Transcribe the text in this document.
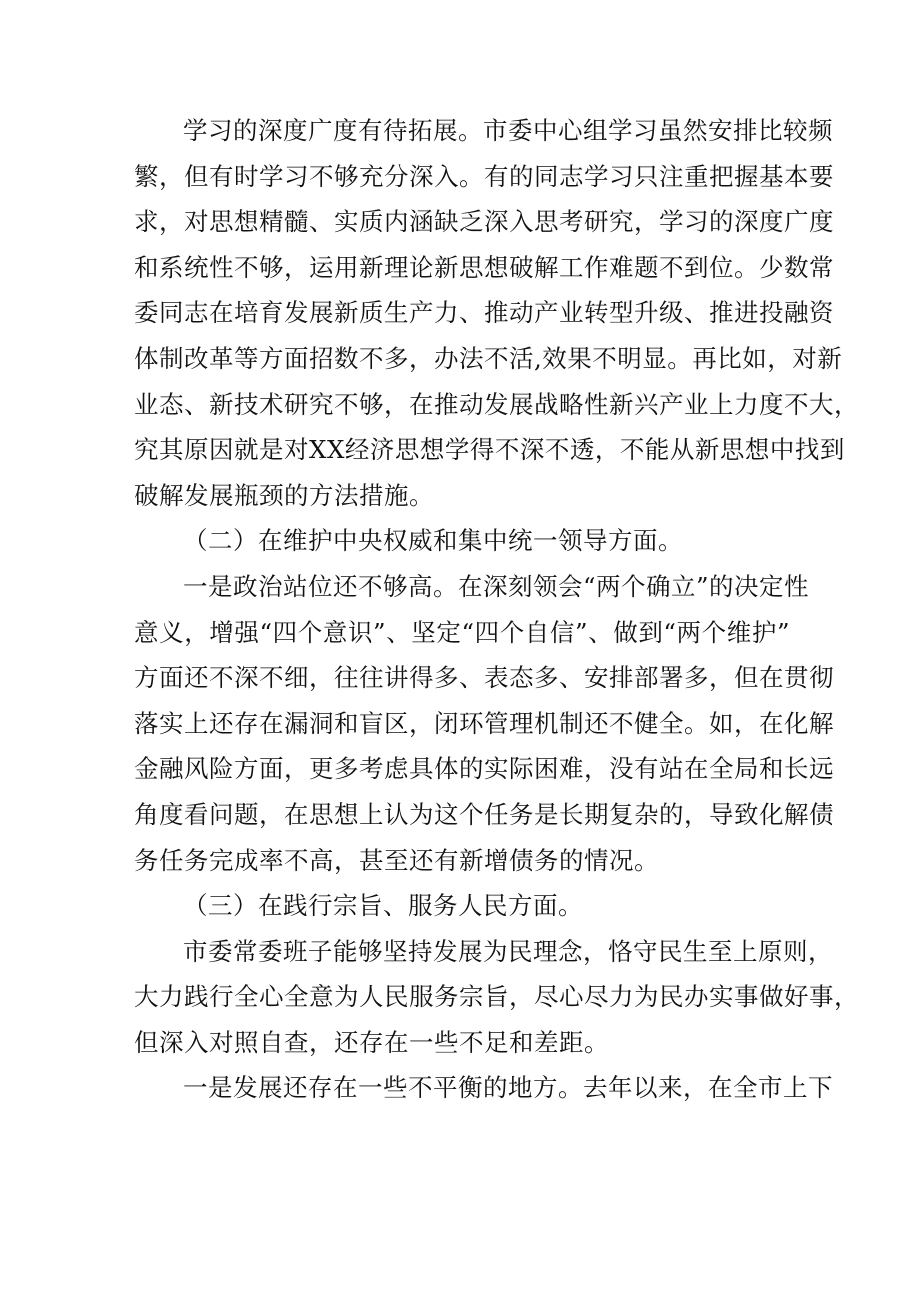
学习的深度广度有待拓展。市委中心组学习虽然安排比较频
繁，但有时学习不够充分深入。有的同志学习只注重把握基本要
求，对思想精髓、实质内涵缺乏深入思考研究，学习的深度广度
和系统性不够，运用新理论新思想破解工作难题不到位。少数常
委同志在培育发展新质生产力、推动产业转型升级、推进投融资
体制改革等方面招数不多，办法不活,效果不明显。再比如，对新
业态、新技术研究不够，在推动发展战略性新兴产业上力度不大，
究其原因就是对XX经济思想学得不深不透，不能从新思想中找到
破解发展瓶颈的方法措施。
（二）在维护中央权威和集中统一领导方面。
一是政治站位还不够高。在深刻领会“两个确立”的决定性
意义，增强“四个意识”、坚定“四个自信”、做到“两个维护”
方面还不深不细，往往讲得多、表态多、安排部署多，但在贯彻
落实上还存在漏洞和盲区，闭环管理机制还不健全。如，在化解
金融风险方面，更多考虑具体的实际困难，没有站在全局和长远
角度看问题，在思想上认为这个任务是长期复杂的，导致化解债
务任务完成率不高，甚至还有新增债务的情况。
（三）在践行宗旨、服务人民方面。
市委常委班子能够坚持发展为民理念，恪守民生至上原则，
大力践行全心全意为人民服务宗旨，尽心尽力为民办实事做好事，
但深入对照自查，还存在一些不足和差距。
一是发展还存在一些不平衡的地方。去年以来，在全市上下
